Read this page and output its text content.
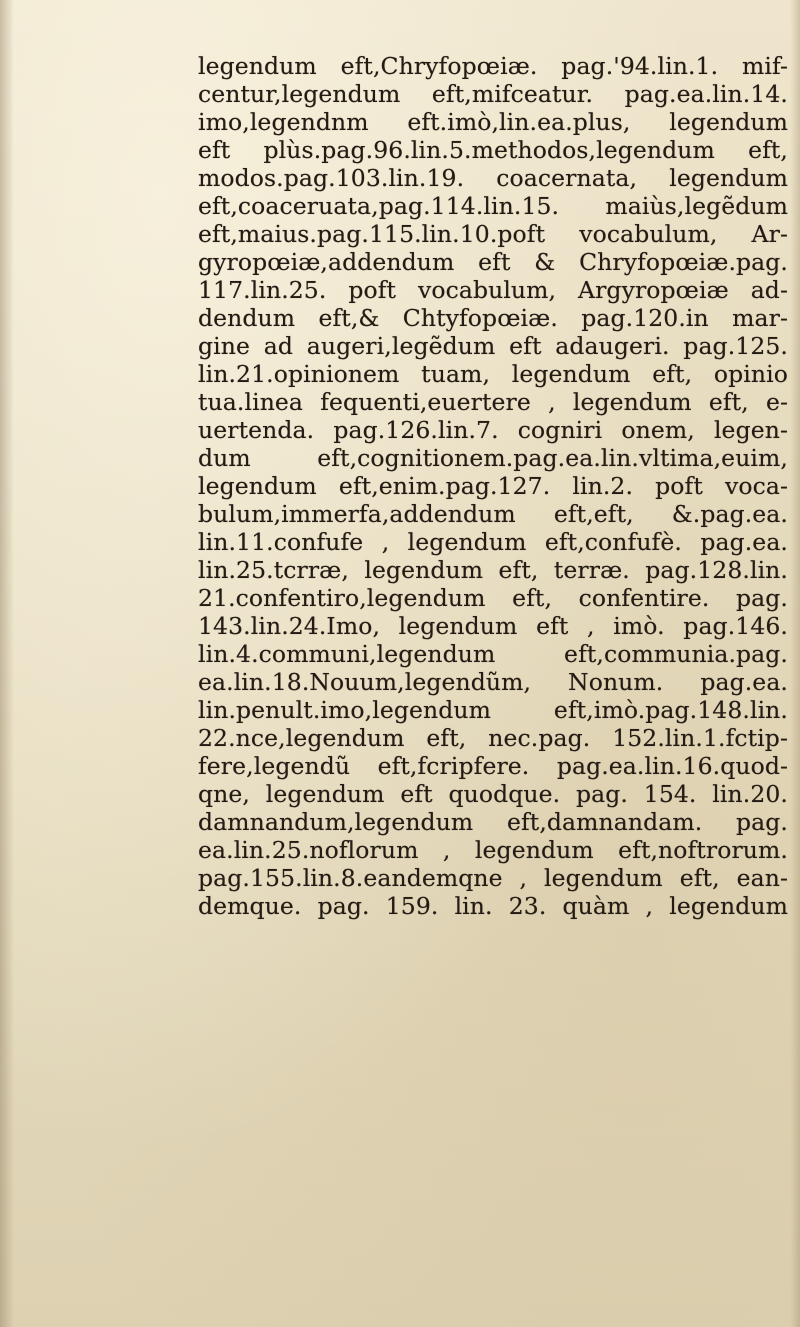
legendum eft,Chryfopœiæ. pag.'94.lin.1. mif-
centur,legendum eft,mifceatur. pag.ea.lin.14.
imo,legendnm eft.imò,lin.ea.plus, legendum
eft plùs.pag.96.lin.5.methodos,legendum eft,
modos.pag.103.lin.19. coacernata, legendum
eft,coaceruata,pag.114.lin.15. maiùs,legẽdum
eft,maius.pag.115.lin.10.poft vocabulum, Ar-
gyropœiæ,addendum eft & Chryfopœiæ.pag.
117.lin.25. poft vocabulum, Argyropœiæ ad-
dendum eft,& Chtyfopœiæ. pag.120.in mar-
gine ad augeri,legẽdum eft adaugeri. pag.125.
lin.21.opinionem tuam, legendum eft, opinio
tua.linea fequenti,euertere , legendum eft, e-
uertenda. pag.126.lin.7. cogniri onem, legen-
dum eft,cognitionem.pag.ea.lin.vltima,euim,
legendum eft,enim.pag.127. lin.2. poft voca-
bulum,immerfa,addendum eft,eft, &.pag.ea.
lin.11.confufe , legendum eft,confufè. pag.ea.
lin.25.tcrræ, legendum eft, terræ. pag.128.lin.
21.confentiro,legendum eft, confentire. pag.
143.lin.24.Imo, legendum eft , imò. pag.146.
lin.4.communi,legendum eft,communia.pag.
ea.lin.18.Nouum,legendũm, Nonum. pag.ea.
lin.penult.imo,legendum eft,imò.pag.148.lin.
22.nce,legendum eft, nec.pag. 152.lin.1.fctip-
fere,legendũ eft,fcripfere. pag.ea.lin.16.quod-
qne, legendum eft quodque. pag. 154. lin.20.
damnandum,legendum eft,damnandam. pag.
ea.lin.25.noflorum , legendum eft,noftrorum.
pag.155.lin.8.eandemqne , legendum eft, ean-
demque. pag. 159. lin. 23. quàm , legendum
